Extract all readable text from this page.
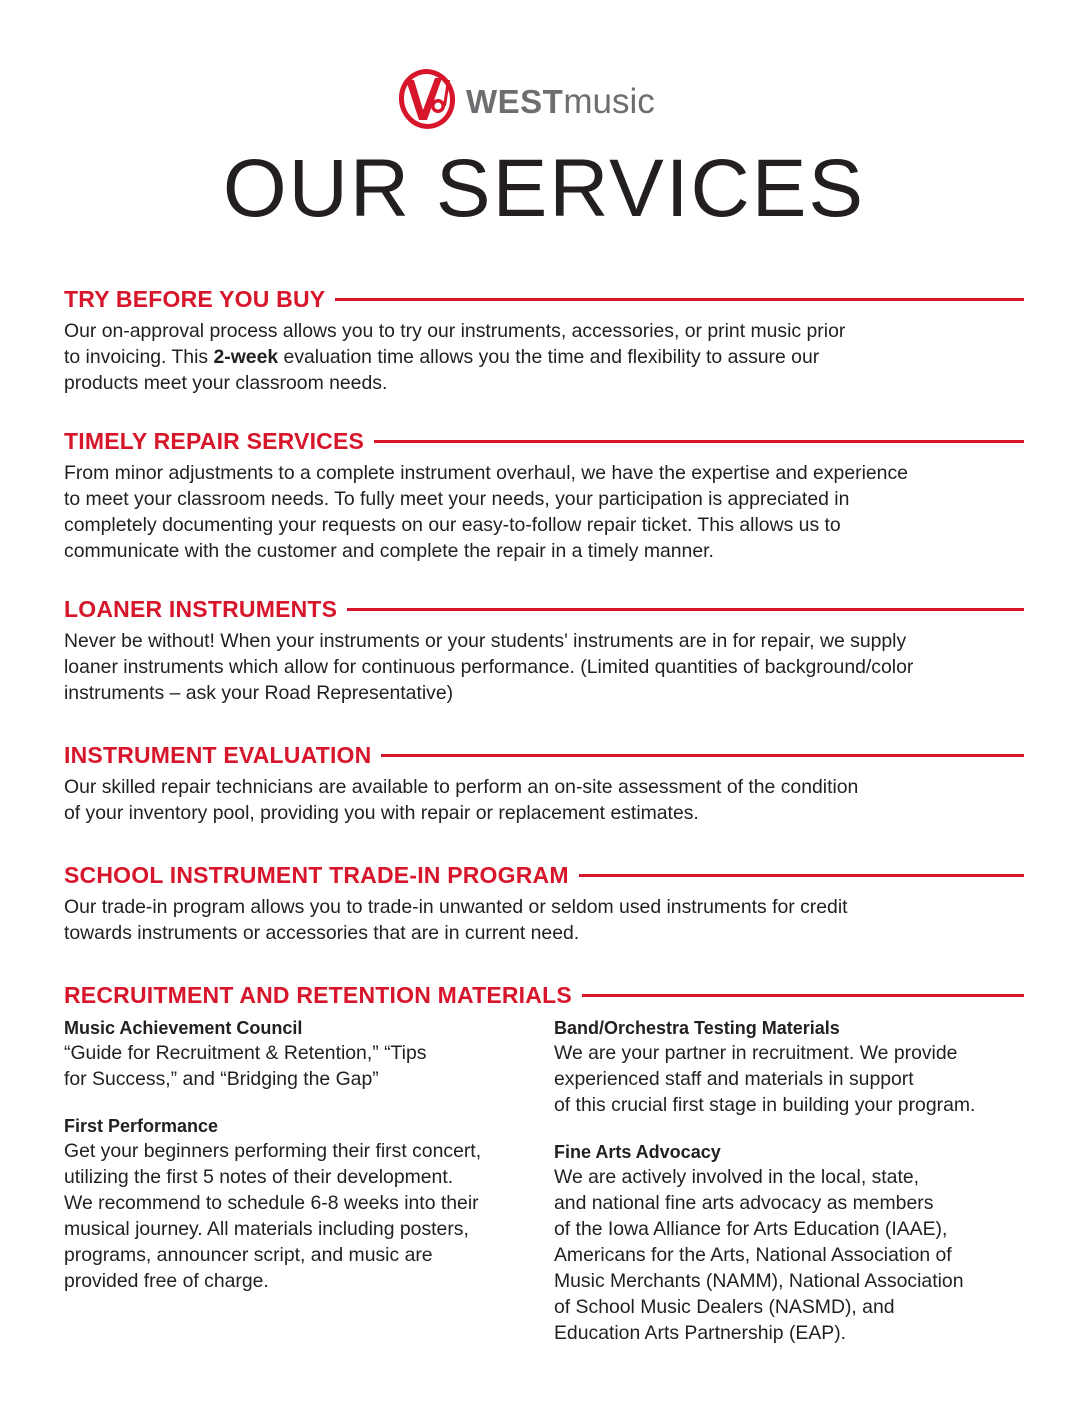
WEST music
OUR SERVICES
TRY BEFORE YOU BUY
Our on-approval process allows you to try our instruments, accessories, or print music prior
to invoicing. This 2-week evaluation time allows you the time and flexibility to assure our
products meet your classroom needs.
TIMELY REPAIR SERVICES
From minor adjustments to a complete instrument overhaul, we have the expertise and experience
to meet your classroom needs. To fully meet your needs, your participation is appreciated in
completely documenting your requests on our easy-to-follow repair ticket. This allows us to
communicate with the customer and complete the repair in a timely manner.
LOANER INSTRUMENTS
Never be without! When your instruments or your students' instruments are in for repair, we supply
loaner instruments which allow for continuous performance. (Limited quantities of background/color
instruments – ask your Road Representative)
INSTRUMENT EVALUATION
Our skilled repair technicians are available to perform an on-site assessment of the condition
of your inventory pool, providing you with repair or replacement estimates.
SCHOOL INSTRUMENT TRADE-IN PROGRAM
Our trade-in program allows you to trade-in unwanted or seldom used instruments for credit
towards instruments or accessories that are in current need.
RECRUITMENT AND RETENTION MATERIALS
Music Achievement Council
“Guide for Recruitment & Retention,” “Tips
for Success,” and “Bridging the Gap”
First Performance
Get your beginners performing their first concert,
utilizing the first 5 notes of their development.
We recommend to schedule 6-8 weeks into their
musical journey. All materials including posters,
programs, announcer script, and music are
provided free of charge.
Band/Orchestra Testing Materials
We are your partner in recruitment. We provide
experienced staff and materials in support
of this crucial first stage in building your program.
Fine Arts Advocacy
We are actively involved in the local, state,
and national fine arts advocacy as members
of the Iowa Alliance for Arts Education (IAAE),
Americans for the Arts, National Association of
Music Merchants (NAMM), National Association
of School Music Dealers (NASMD), and
Education Arts Partnership (EAP).
